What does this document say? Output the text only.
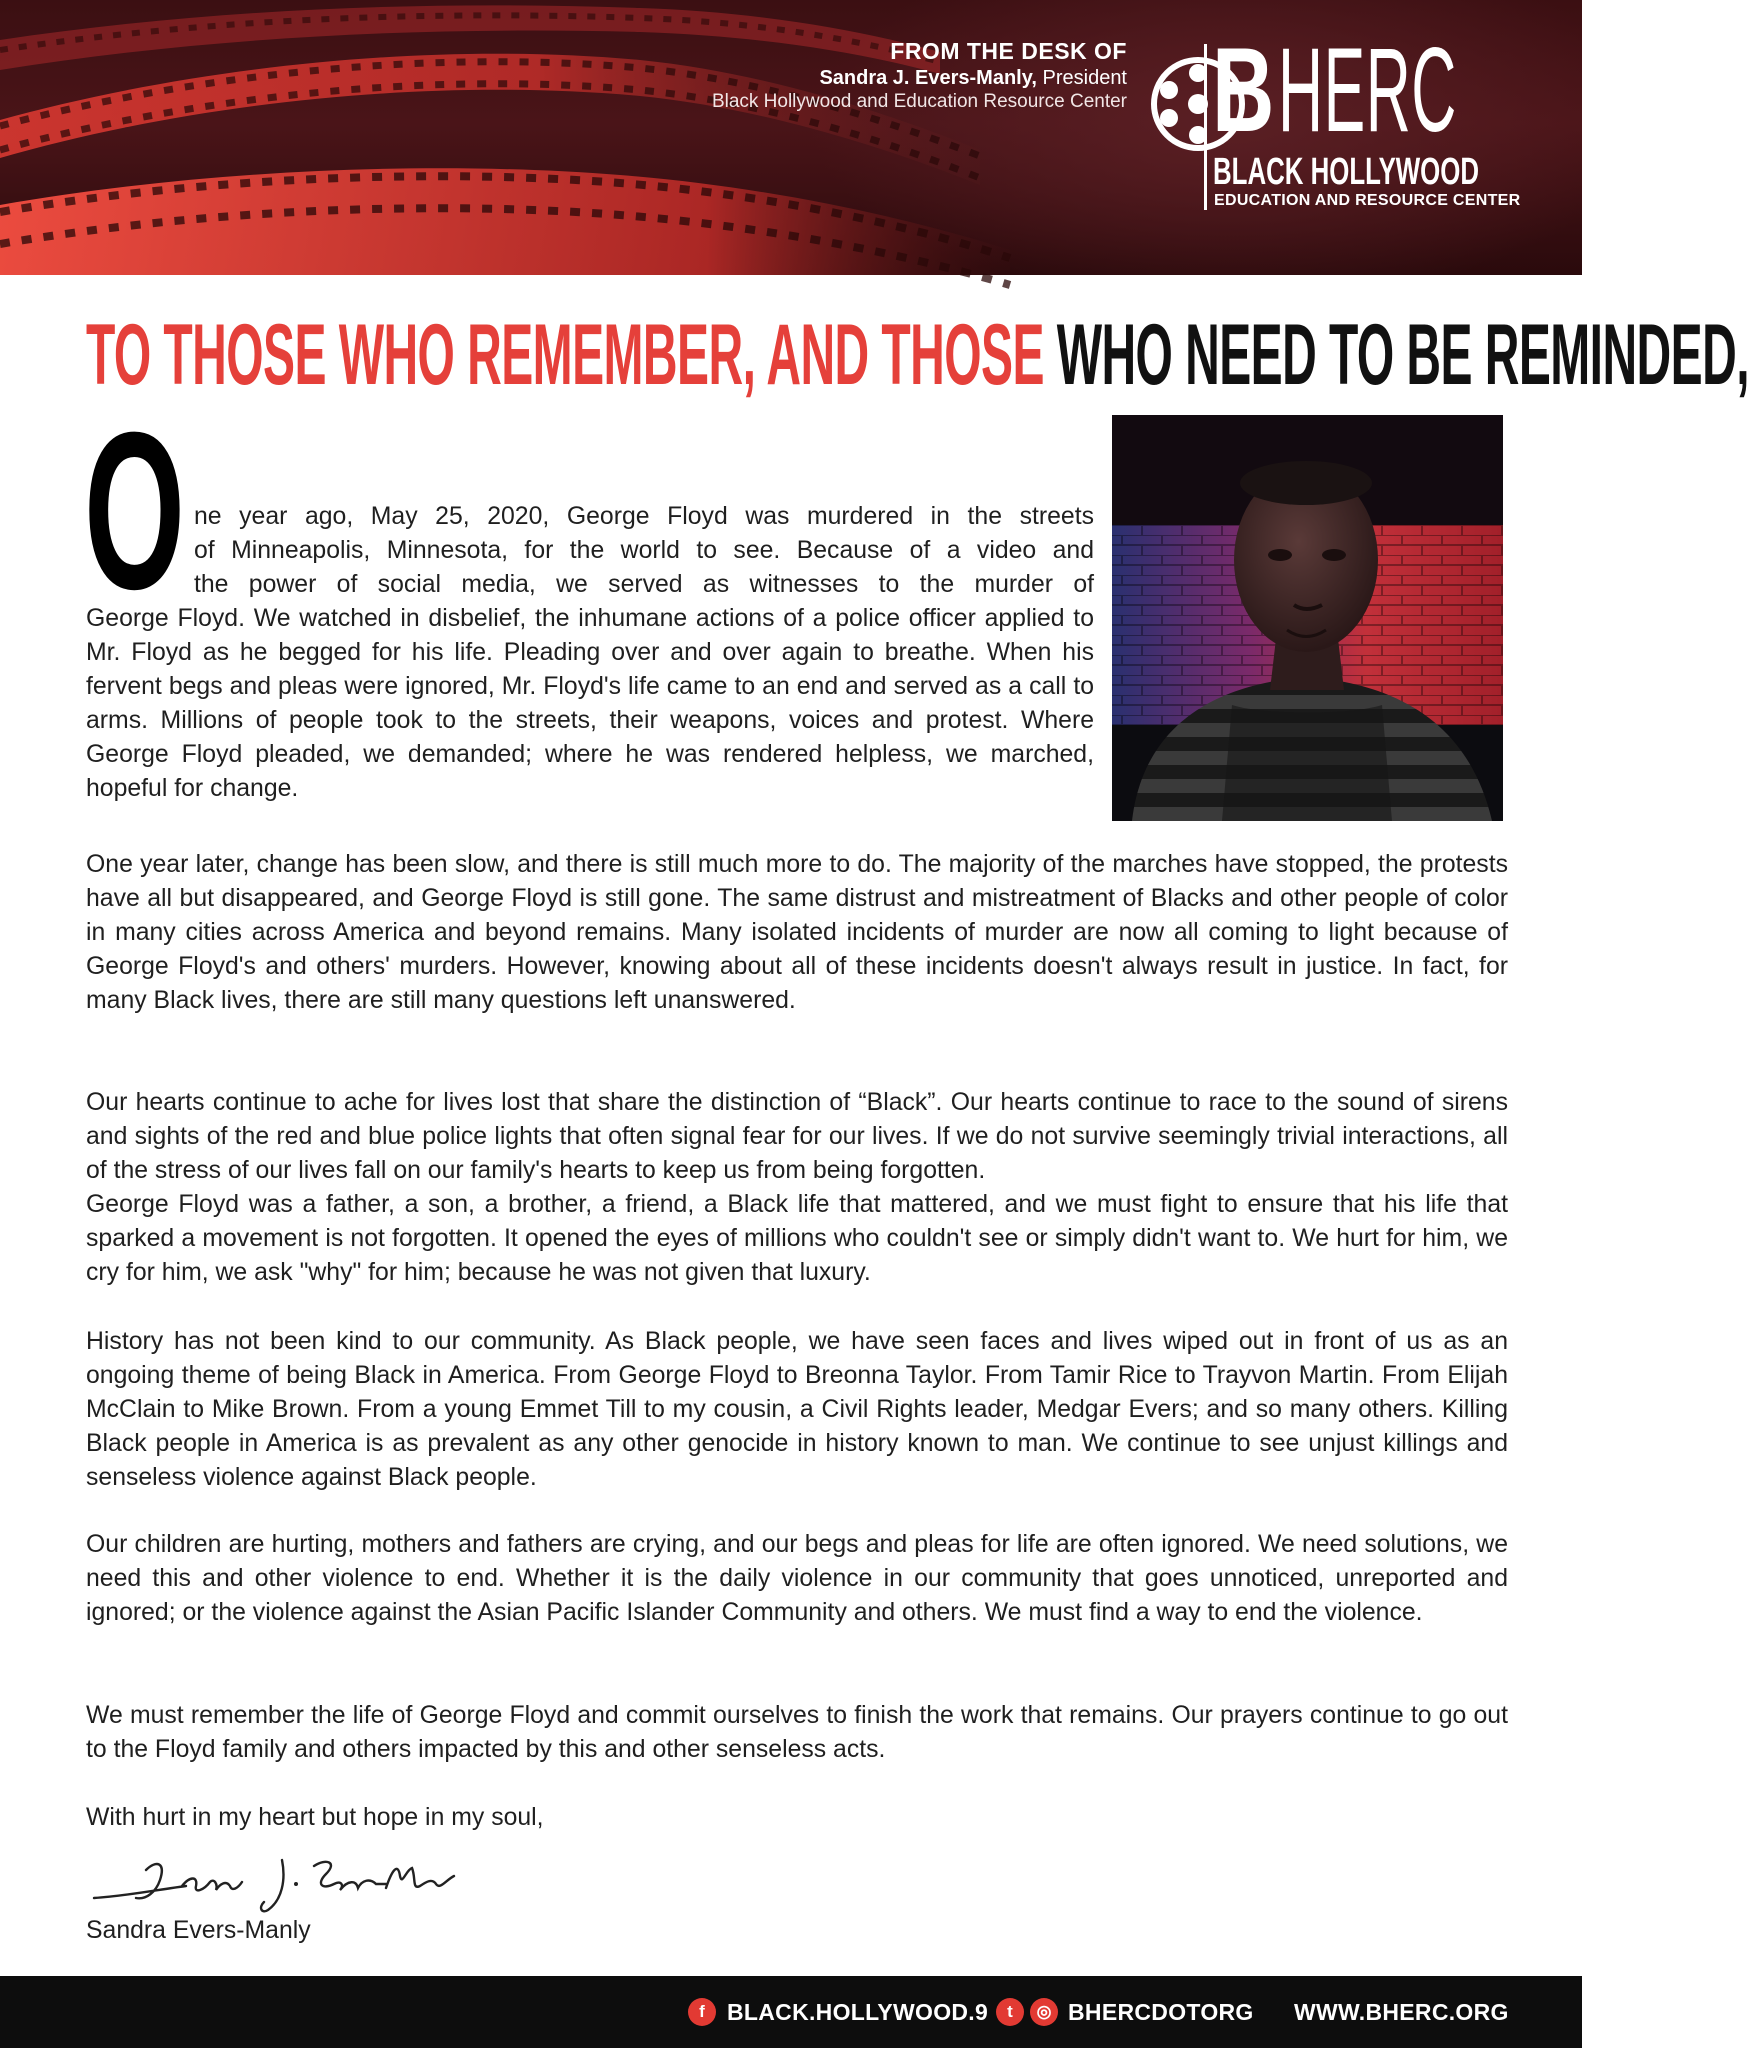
FROM THE DESK OF
Sandra J. Evers-Manly, President
Black Hollywood and Education Resource Center B HERC
BLACK HOLLYWOOD
EDUCATION AND RESOURCE CENTER
TO THOSE WHO REMEMBER, AND THOSE WHO NEED TO BE REMINDED,
O ne year ago, May 25, 2020, George Floyd was murdered in the streets
of Minneapolis, Minnesota, for the world to see. Because of a video and
the power of social media, we served as witnesses to the murder of

George Floyd. We watched in disbelief, the inhumane actions of a police officer applied to Mr. Floyd as he begged for his life. Pleading over and over again to breathe. When his fervent begs and pleas were ignored, Mr. Floyd's life came to an end and served as a call to arms. Millions of people took to the streets, their weapons, voices and protest. Where George Floyd pleaded, we demanded; where he was rendered helpless, we marched, hopeful for change.

One year later, change has been slow, and there is still much more to do. The majority of the marches have stopped, the protests have all but disappeared, and George Floyd is still gone. The same distrust and mistreatment of Blacks and other people of color in many cities across America and beyond remains. Many isolated incidents of murder are now all coming to light because of George Floyd's and others' murders. However, knowing about all of these incidents doesn't always result in justice. In fact, for many Black lives, there are still many questions left unanswered.

Our hearts continue to ache for lives lost that share the distinction of “Black”. Our hearts continue to race to the sound of sirens and sights of the red and blue police lights that often signal fear for our lives. If we do not survive seemingly trivial interactions, all of the stress of our lives fall on our family's hearts to keep us from being forgotten.

George Floyd was a father, a son, a brother, a friend, a Black life that mattered, and we must fight to ensure that his life that sparked a movement is not forgotten. It opened the eyes of millions who couldn't see or simply didn't want to. We hurt for him, we cry for him, we ask "why" for him; because he was not given that luxury.

History has not been kind to our community. As Black people, we have seen faces and lives wiped out in front of us as an ongoing theme of being Black in America. From George Floyd to Breonna Taylor. From Tamir Rice to Trayvon Martin. From Elijah McClain to Mike Brown. From a young Emmet Till to my cousin, a Civil Rights leader, Medgar Evers; and so many others. Killing Black people in America is as prevalent as any other genocide in history known to man. We continue to see unjust killings and senseless violence against Black people.

Our children are hurting, mothers and fathers are crying, and our begs and pleas for life are often ignored. We need solutions, we need this and other violence to end. Whether it is the daily violence in our community that goes unnoticed, unreported and ignored; or the violence against the Asian Pacific Islander Community and others. We must find a way to end the violence.

We must remember the life of George Floyd and commit ourselves to finish the work that remains. Our prayers continue to go out to the Floyd family and others impacted by this and other senseless acts.

With hurt in my heart but hope in my soul,
Sandra Evers-Manly
f BLACK.HOLLYWOOD.9	t	◎ BHERCDOTORG WWW.BHERC.ORG
